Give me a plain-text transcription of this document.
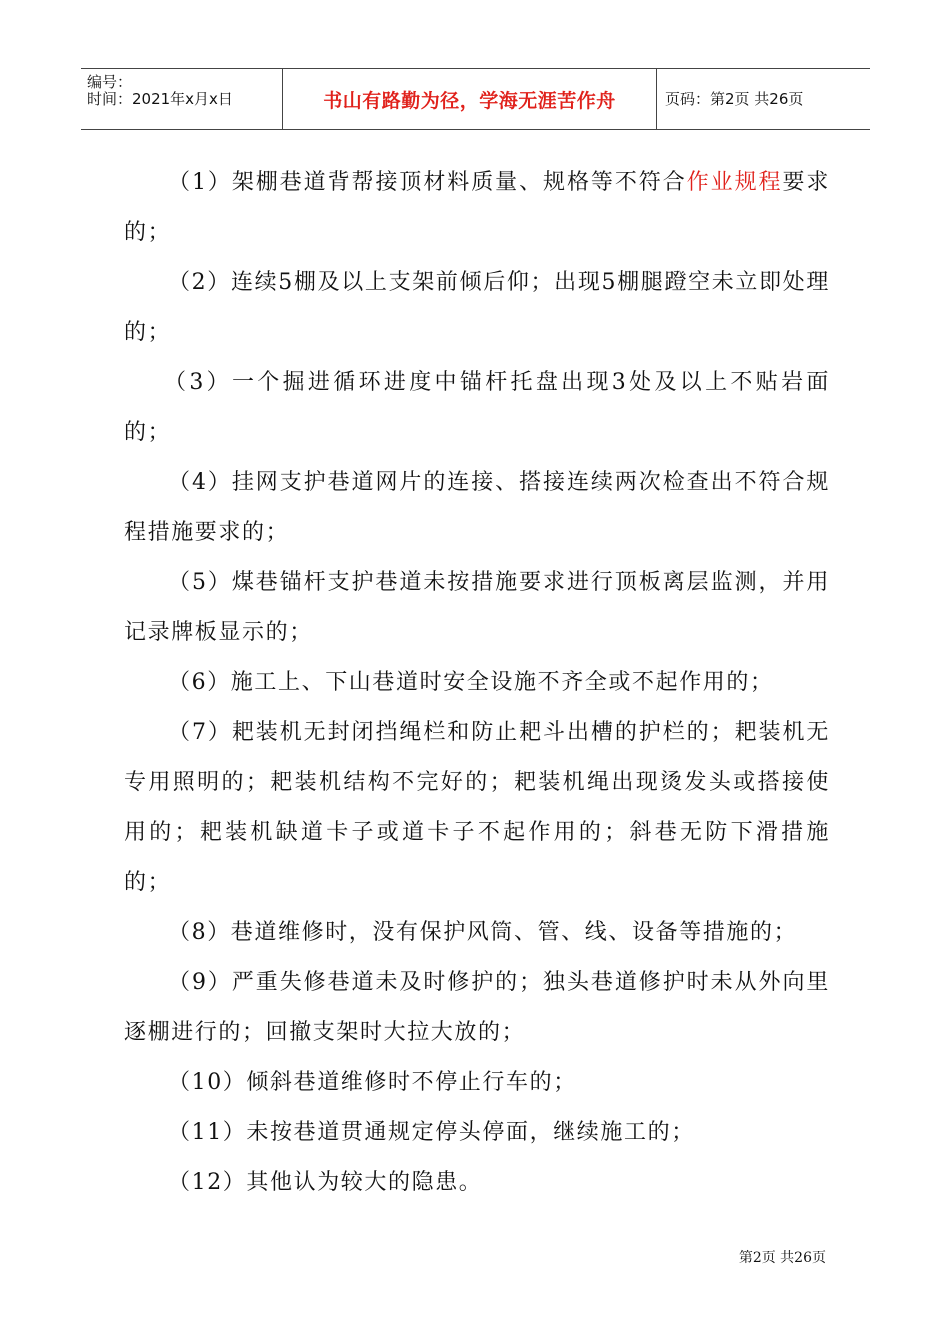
编号：
时间：2021年x月x日	书山有路勤为径，学海无涯苦作舟	页码：第2页 共26页

（1）架棚巷道背帮接顶材料质量、规格等不符合作业规程要求的；

（2）连续5棚及以上支架前倾后仰；出现5棚腿蹬空未立即处理的；

（3）一个掘进循环进度中锚杆托盘出现3处及以上不贴岩面的；

（4）挂网支护巷道网片的连接、搭接连续两次检查出不符合规程措施要求的；

（5）煤巷锚杆支护巷道未按措施要求进行顶板离层监测，并用记录牌板显示的；

（6）施工上、下山巷道时安全设施不齐全或不起作用的；

（7）耙装机无封闭挡绳栏和防止耙斗出槽的护栏的；耙装机无专用照明的；耙装机结构不完好的；耙装机绳出现烫发头或搭接使用的；耙装机缺道卡子或道卡子不起作用的；斜巷无防下滑措施的；

（8）巷道维修时，没有保护风筒、管、线、设备等措施的；

（9）严重失修巷道未及时修护的；独头巷道修护时未从外向里逐棚进行的；回撤支架时大拉大放的；

（10）倾斜巷道维修时不停止行车的；

（11）未按巷道贯通规定停头停面，继续施工的；

（12）其他认为较大的隐患。

第2页 共26页
